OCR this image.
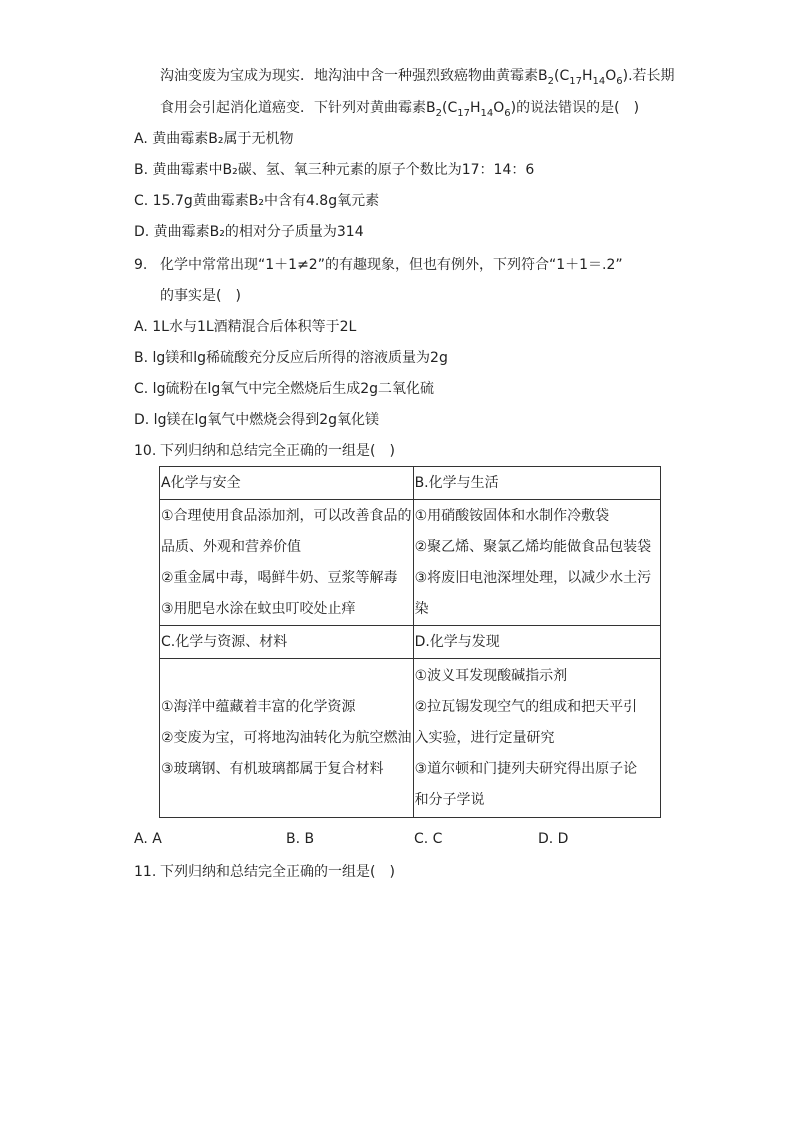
沟油变废为宝成为现实．地沟油中含一种强烈致癌物曲黄霉素$B_2(C_{17}H_{14}O_6)$.若长期
食用会引起消化道癌变．下针列对黄曲霉素$B_2(C_{17}H_{14}O_6)$的说法错误的是(　)
A. 黄曲霉素B₂属于无机物
B. 黄曲霉素中B₂碳、氢、氧三种元素的原子个数比为17：14：6
C. 15.7g黄曲霉素B₂中含有4.8g氧元素
D. 黄曲霉素B₂的相对分子质量为314
9. 化学中常常出现“1＋1≠2”的有趣现象，但也有例外，下列符合“1＋1＝.2”
的事实是(　)
A. 1L水与1L酒精混合后体积等于2L
B. lg镁和lg稀硫酸充分反应后所得的溶液质量为2g
C. lg硫粉在lg氧气中完全燃烧后生成2g二氧化硫
D. lg镁在lg氧气中燃烧会得到2g氧化镁
10. 下列归纳和总结完全正确的一组是(　)
A化学与安全	B.化学与生活

①合理使用食品添加剂，可以改善食品的
品质、外观和营养价值
②重金属中毒，喝鲜牛奶、豆浆等解毒
③用肥皂水涂在蚊虫叮咬处止痒	①用硝酸铵固体和水制作冷敷袋
②聚乙烯、聚氯乙烯均能做食品包装袋
③将废旧电池深埋处理，以减少水土污
染

C.化学与资源、材料	D.化学与发现

①海洋中蕴藏着丰富的化学资源
②变废为宝，可将地沟油转化为航空燃油
③玻璃钢、有机玻璃都属于复合材料	①波义耳发现酸碱指示剂
②拉瓦锡发现空气的组成和把天平引
入实验，进行定量研究
③道尔顿和门捷列夫研究得出原子论
和分子学说
A. A	B. B	C. C	D. D
11. 下列归纳和总结完全正确的一组是(　)
